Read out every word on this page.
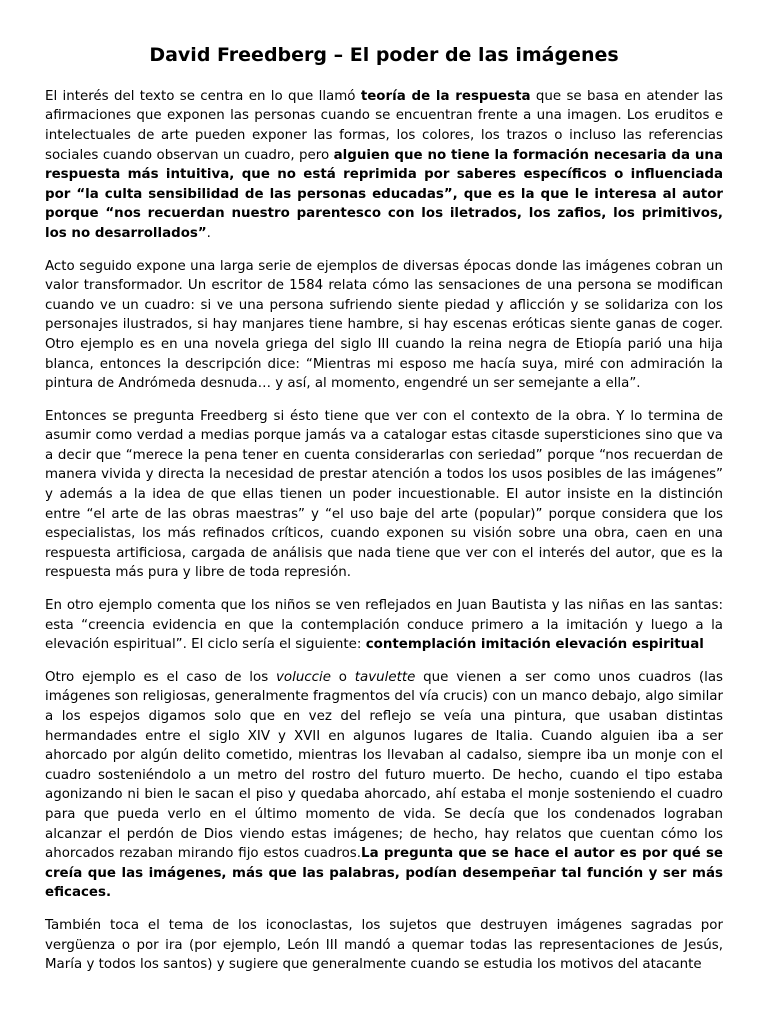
David Freedberg – El poder de las imágenes

El interés del texto se centra en lo que llamó teoría de la respuesta que se basa en atender las afirmaciones que exponen las personas cuando se encuentran frente a una imagen. Los eruditos e intelectuales de arte pueden exponer las formas, los colores, los trazos o incluso las referencias sociales cuando observan un cuadro, pero alguien que no tiene la formación necesaria da una respuesta más intuitiva, que no está reprimida por saberes específicos o influenciada por “la culta sensibilidad de las personas educadas”, que es la que le interesa al autor porque “nos recuerdan nuestro parentesco con los iletrados, los zafios, los primitivos, los no desarrollados”.

Acto seguido expone una larga serie de ejemplos de diversas épocas donde las imágenes cobran un valor transformador. Un escritor de 1584 relata cómo las sensaciones de una persona se modifican cuando ve un cuadro: si ve una persona sufriendo siente piedad y aflicción y se solidariza con los personajes ilustrados, si hay manjares tiene hambre, si hay escenas eróticas siente ganas de coger. Otro ejemplo es en una novela griega del siglo III cuando la reina negra de Etiopía parió una hija blanca, entonces la descripción dice: “Mientras mi esposo me hacía suya, miré con admiración la pintura de Andrómeda desnuda… y así, al momento, engendré un ser semejante a ella”.

Entonces se pregunta Freedberg si ésto tiene que ver con el contexto de la obra. Y lo termina de asumir como verdad a medias porque jamás va a catalogar estas citasde supersticiones sino que va a decir que “merece la pena tener en cuenta considerarlas con seriedad” porque “nos recuerdan de manera vivida y directa la necesidad de prestar atención a todos los usos posibles de las imágenes” y además a la idea de que ellas tienen un poder incuestionable. El autor insiste en la distinción entre “el arte de las obras maestras” y “el uso baje del arte (popular)” porque considera que los especialistas, los más refinados críticos, cuando exponen su visión sobre una obra, caen en una respuesta artificiosa, cargada de análisis que nada tiene que ver con el interés del autor, que es la respuesta más pura y libre de toda represión.

En otro ejemplo comenta que los niños se ven reflejados en Juan Bautista y las niñas en las santas: esta “creencia evidencia en que la contemplación conduce primero a la imitación y luego a la elevación espiritual”. El ciclo sería el siguiente: contemplación imitación elevación espiritual

Otro ejemplo es el caso de los voluccie o tavulette que vienen a ser como unos cuadros (las imágenes son religiosas, generalmente fragmentos del vía crucis) con un manco debajo, algo similar a los espejos digamos solo que en vez del reflejo se veía una pintura, que usaban distintas hermandades entre el siglo XIV y XVII en algunos lugares de Italia. Cuando alguien iba a ser ahorcado por algún delito cometido, mientras los llevaban al cadalso, siempre iba un monje con el cuadro sosteniéndolo a un metro del rostro del futuro muerto. De hecho, cuando el tipo estaba agonizando ni bien le sacan el piso y quedaba ahorcado, ahí estaba el monje sosteniendo el cuadro para que pueda verlo en el último momento de vida. Se decía que los condenados lograban alcanzar el perdón de Dios viendo estas imágenes; de hecho, hay relatos que cuentan cómo los ahorcados rezaban mirando fijo estos cuadros.La pregunta que se hace el autor es por qué se creía que las imágenes, más que las palabras, podían desempeñar tal función y ser más eficaces.

También toca el tema de los iconoclastas, los sujetos que destruyen imágenes sagradas por vergüenza o por ira (por ejemplo, León III mandó a quemar todas las representaciones de Jesús, María y todos los santos) y sugiere que generalmente cuando se estudia los motivos del atacante
